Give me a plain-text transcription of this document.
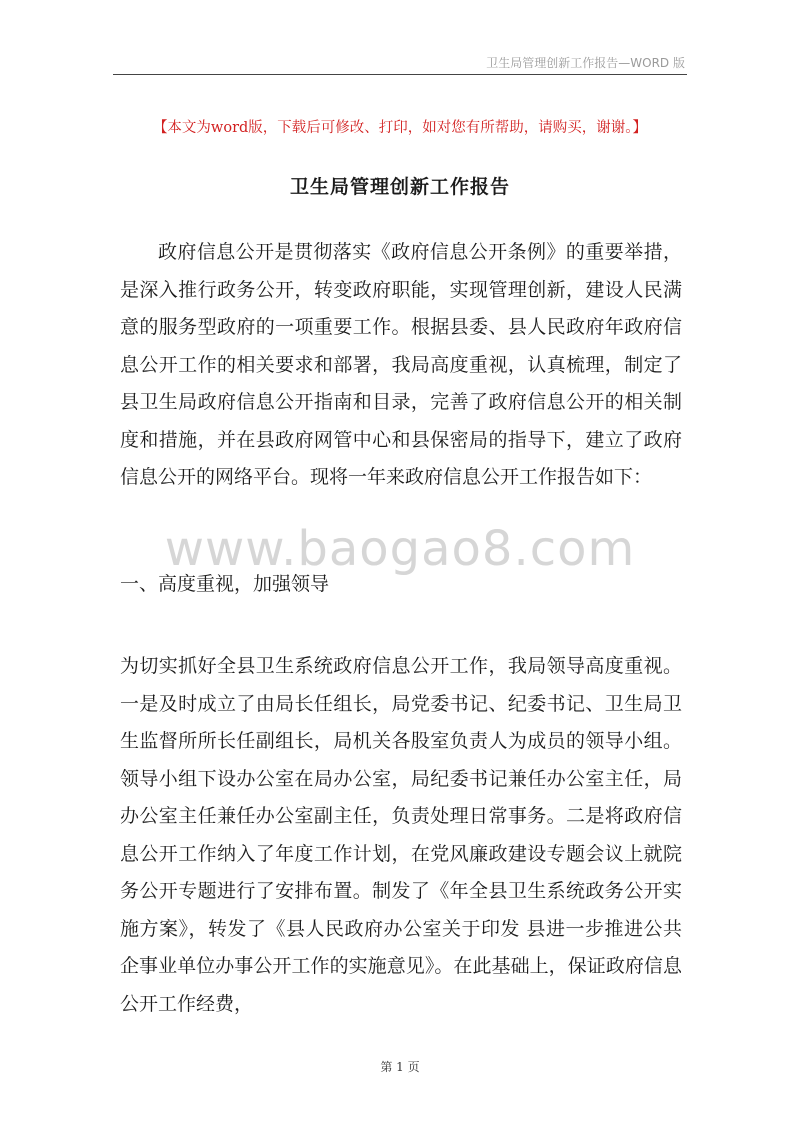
卫生局管理创新工作报告—WORD 版
【本文为word版，下载后可修改、打印，如对您有所帮助，请购买，谢谢。】
卫生局管理创新工作报告

政府信息公开是贯彻落实《政府信息公开条例》的重要举措，是深入推行政务公开，转变政府职能，实现管理创新，建设人民满意的服务型政府的一项重要工作。根据县委、县人民政府年政府信息公开工作的相关要求和部署，我局高度重视，认真梳理，制定了 县卫生局政府信息公开指南和目录，完善了政府信息公开的相关制度和措施，并在县政府网管中心和县保密局的指导下，建立了政府信息公开的网络平台。现将一年来政府信息公开工作报告如下：

www.baogao8.com
一、高度重视，加强领导

为切实抓好全县卫生系统政府信息公开工作，我局领导高度重视。一是及时成立了由局长任组长，局党委书记、纪委书记、卫生局卫生监督所所长任副组长，局机关各股室负责人为成员的领导小组。领导小组下设办公室在局办公室，局纪委书记兼任办公室主任，局办公室主任兼任办公室副主任，负责处理日常事务。二是将政府信息公开工作纳入了年度工作计划，在党风廉政建设专题会议上就院务公开专题进行了安排布置。制发了《年全县卫生系统政务公开实施方案》，转发了《县人民政府办公室关于印发 县进一步推进公共企事业单位办事公开工作的实施意见》。在此基础上，保证政府信息公开工作经费，

第 1 页
